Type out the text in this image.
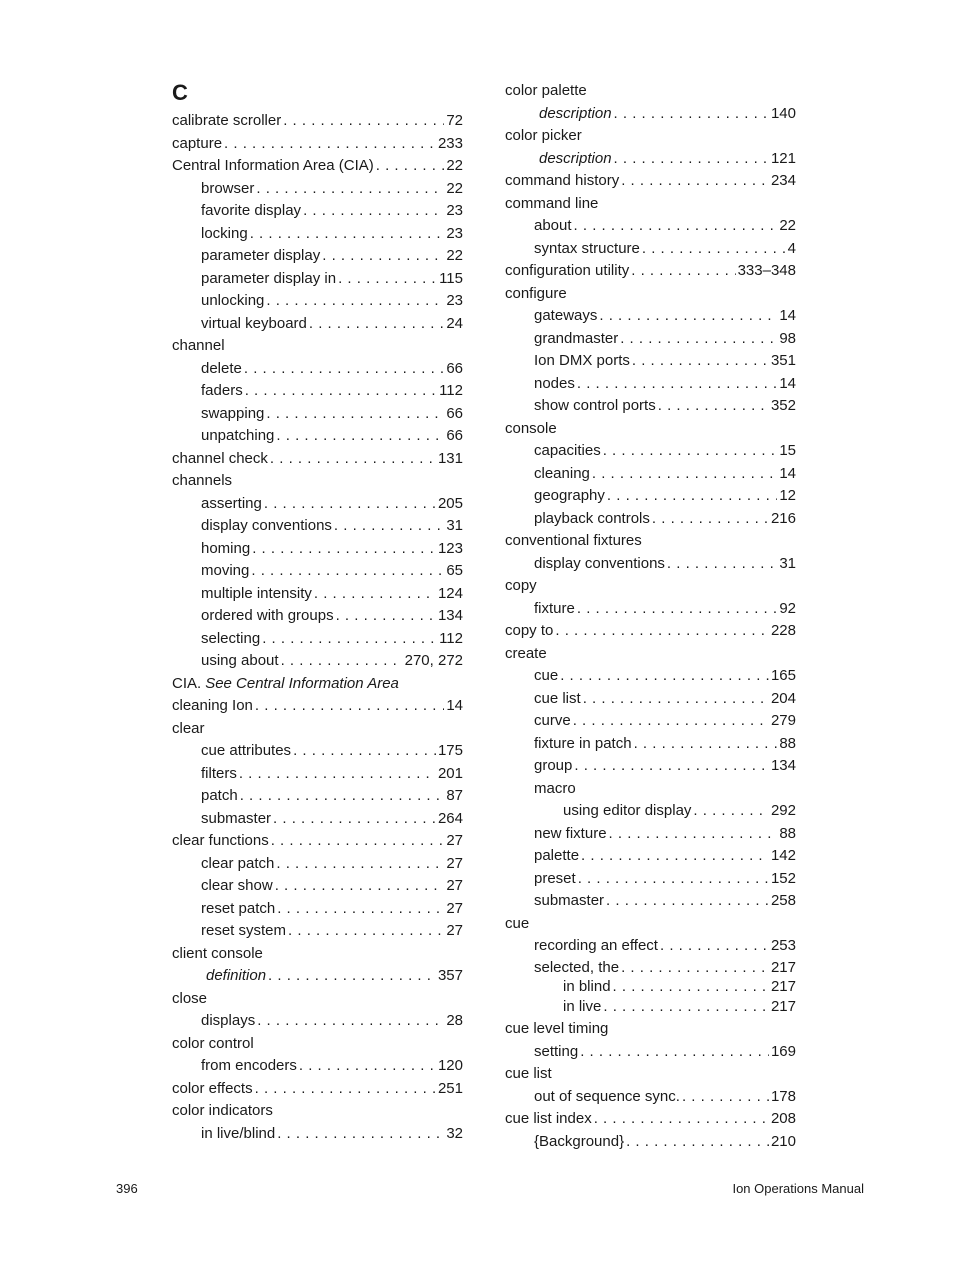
C
calibrate scroller . . .	72
capture . . .	233
Central Information Area (CIA) . . .	22
browser . . .	22
favorite display . . .	23
locking . . .	23
parameter display . . .	22
parameter display in . . .	115
unlocking . . .	23
virtual keyboard . . .	24
channel
delete . . .	66
faders . . .	112
swapping . . .	66
unpatching . . .	66
channel check . . .	131
channels
asserting . . .	205
display conventions . . .	31
homing . . .	123
moving . . .	65
multiple intensity . . .	124
ordered with groups . . .	134
selecting . . .	112
using about . . .	270, 272
CIA. See Central Information Area
cleaning Ion . . .	14
clear
cue attributes . . .	175
filters . . .	201
patch . . .	87
submaster . . .	264
clear functions . . .	27
clear patch . . .	27
clear show . . .	27
reset patch . . .	27
reset system . . .	27
client console
definition . . .	357
close
displays . . .	28
color control
from encoders . . .	120
color effects . . .	251
color indicators
in live/blind . . .	32
color palette
description . . .	140
color picker
description . . .	121
command history . . .	234
command line
about . . .	22
syntax structure . . .	4
configuration utility . . .	333–348
configure
gateways . . .	14
grandmaster . . .	98
Ion DMX ports . . .	351
nodes . . .	14
show control ports . . .	352
console
capacities . . .	15
cleaning . . .	14
geography . . .	12
playback controls . . .	216
conventional fixtures
display conventions . . .	31
copy
fixture . . .	92
copy to . . .	228
create
cue . . .	165
cue list . . .	204
curve . . .	279
fixture in patch . . .	88
group . . .	134
macro
using editor display . . .	292
new fixture . . .	88
palette . . .	142
preset . . .	152
submaster . . .	258
cue
recording an effect . . .	253
selected, the . . .	217
in blind . . .	217
in live . . .	217
cue level timing
setting . . .	169
cue list
out of sequence sync. . . .	178
cue list index . . .	208
{Background} . . .	210
396	Ion Operations Manual
